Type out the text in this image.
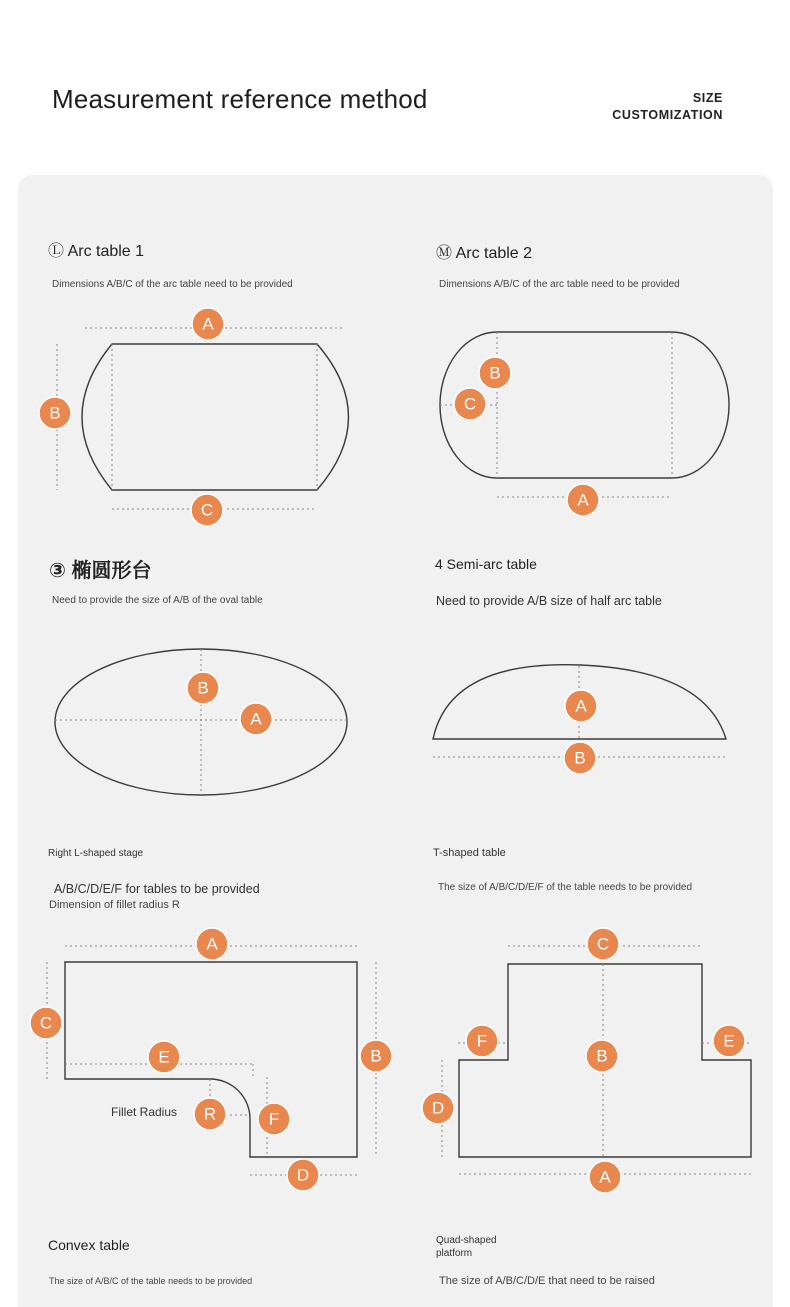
Measurement reference method	SIZE
CUSTOMIZATION
Ⓛ Arc table 1
Dimensions A/B/C of the arc table need to be provided
Ⓜ Arc table 2
Dimensions A/B/C of the arc table need to be provided
③ 椭圆形台
Need to provide the size of A/B of the oval table
4 Semi-arc table
Need to provide A/B size of half arc table
Right L-shaped stage
A/B/C/D/E/F for tables to be provided
Dimension of fillet radius R
T-shaped table
The size of A/B/C/D/E/F of the table needs to be provided
Convex table
The size of A/B/C of the table needs to be provided
Quad-shaped platform
The size of A/B/C/D/E that need to be raised
Fillet Radius
A
B
C
B
C
A
B
A
A
B
A
C
E	B
R	F
D
C
F	E
B
D
A
